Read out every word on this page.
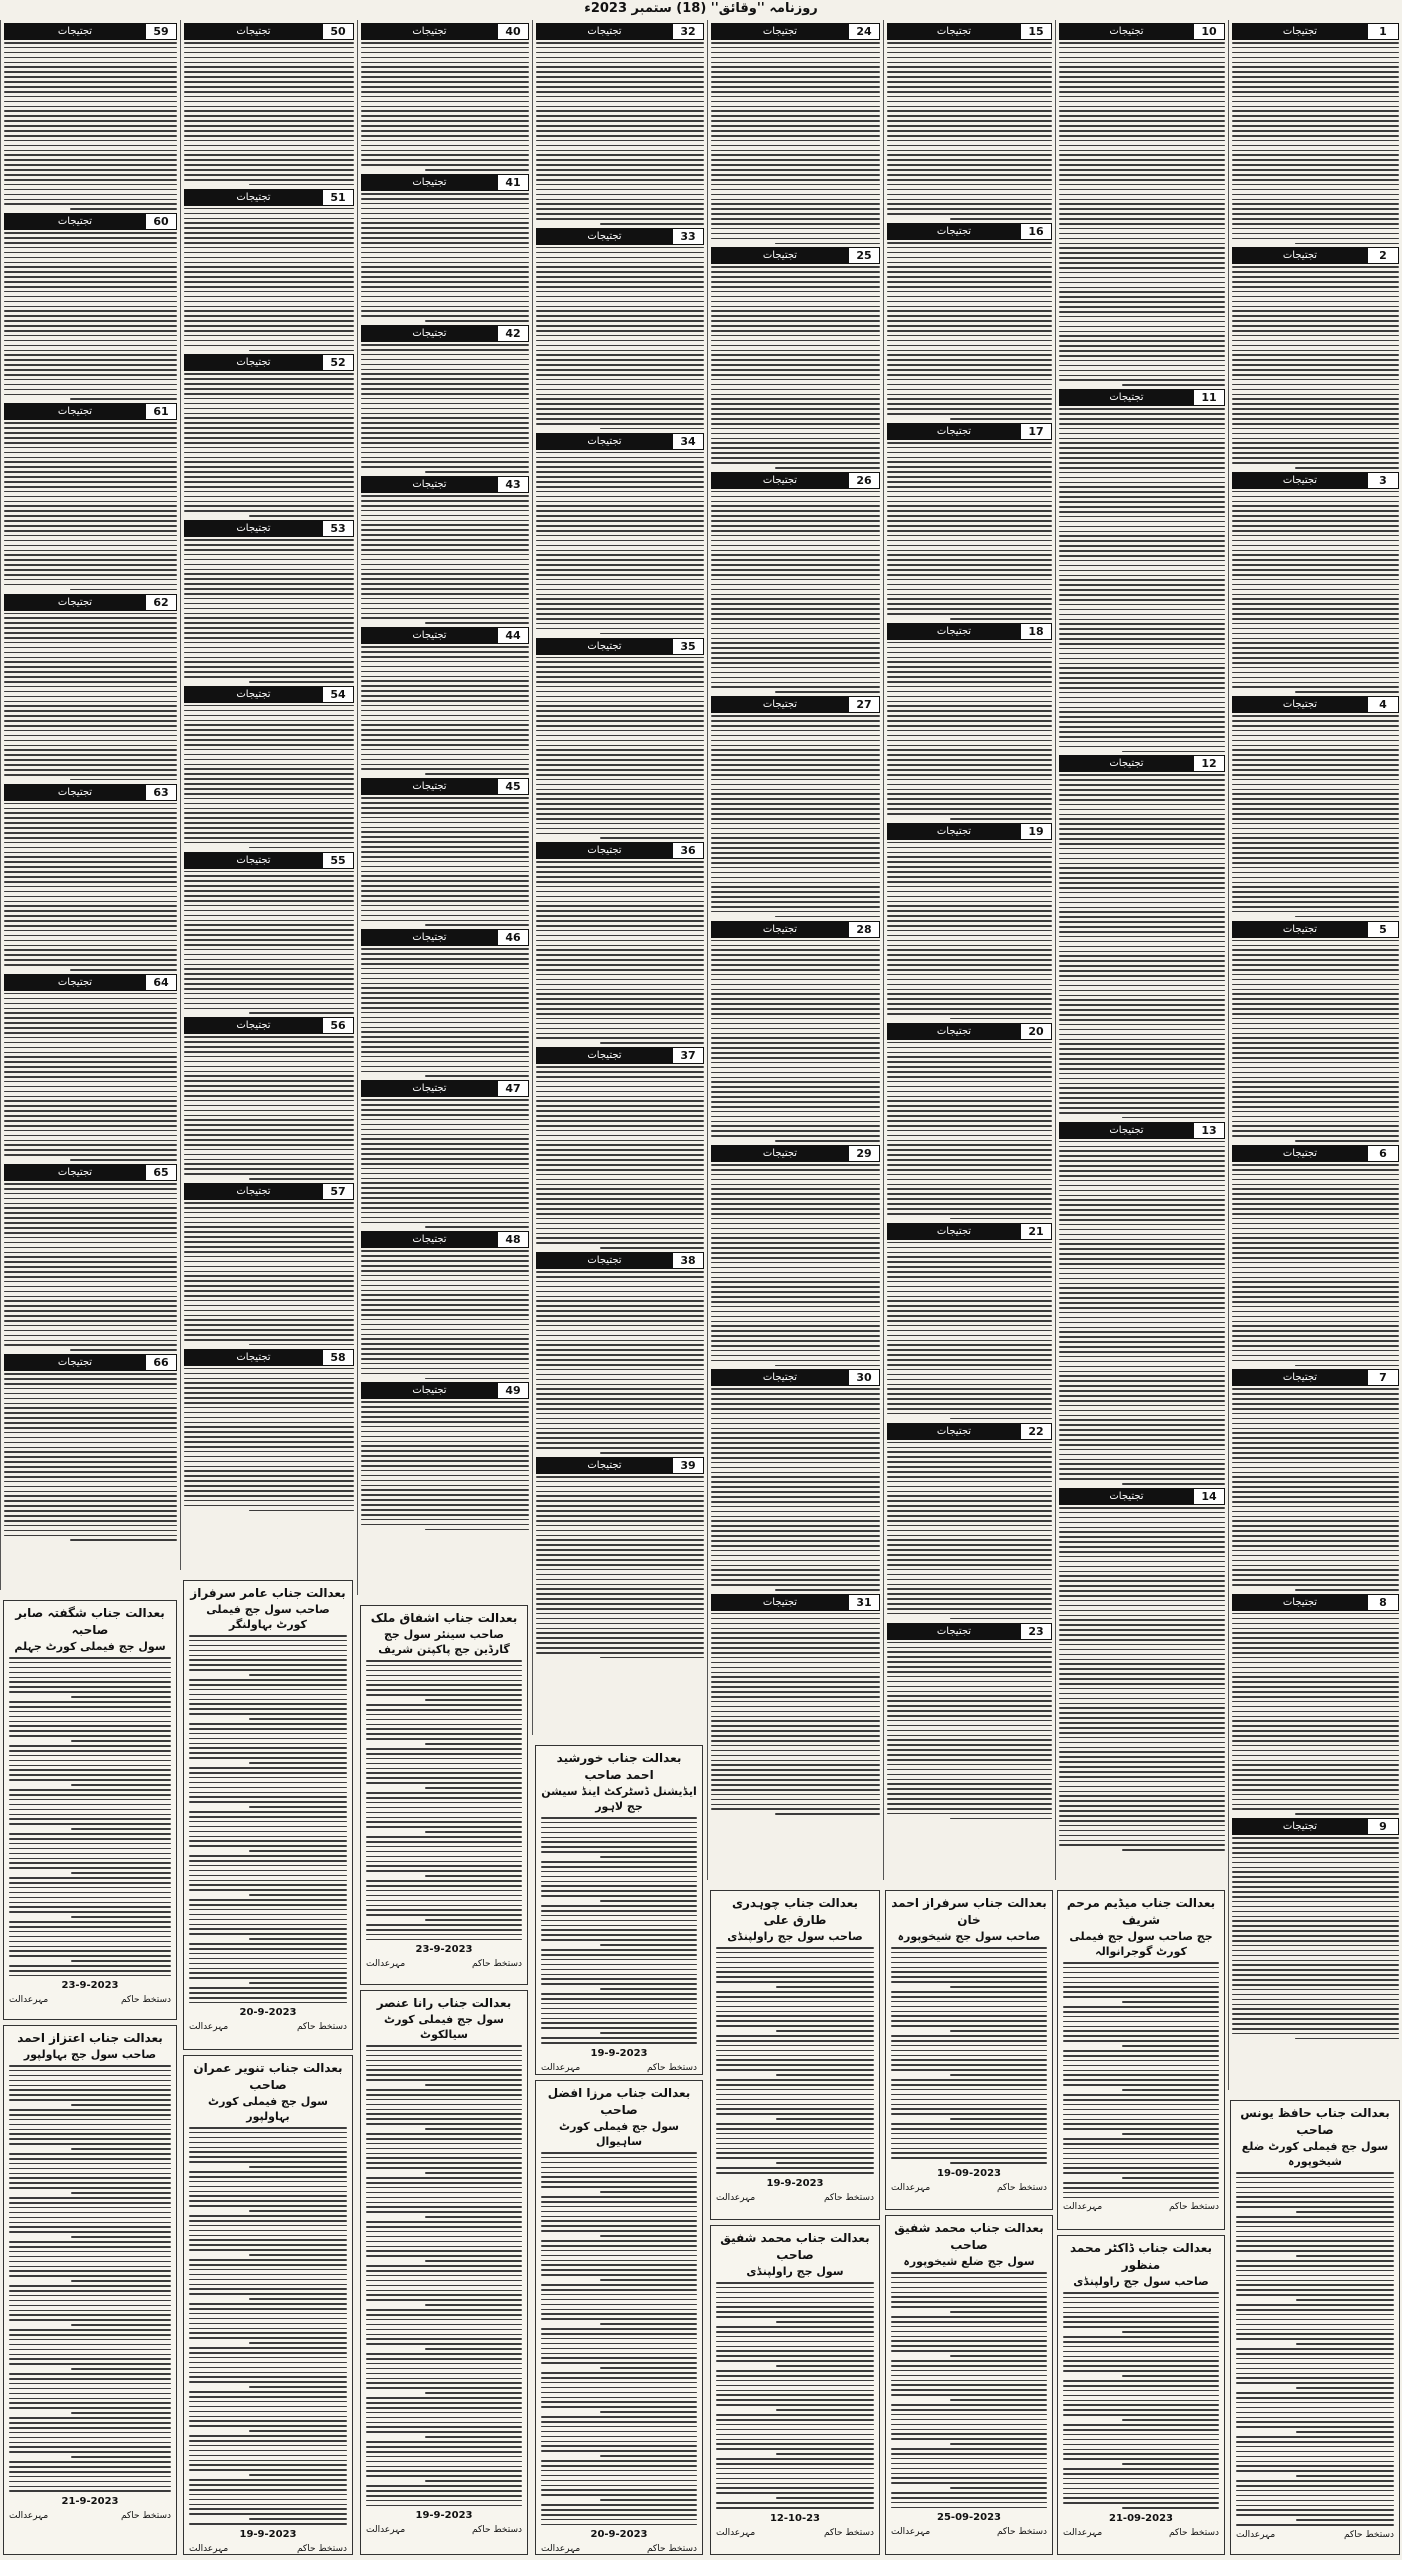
روزنامہ ''وقائق'' (18) ستمبر 2023ء
تجتیجات	1
تجتیجات	2
تجتیجات	3
تجتیجات	4
تجتیجات	5
تجتیجات	6
تجتیجات	7
تجتیجات	8
تجتیجات	9
تجتیجات	10
تجتیجات	11
تجتیجات	12
تجتیجات	13
تجتیجات	14
تجتیجات	15
تجتیجات	16
تجتیجات	17
تجتیجات	18
تجتیجات	19
تجتیجات	20
تجتیجات	21
تجتیجات	22
تجتیجات	23
تجتیجات	24
تجتیجات	25
تجتیجات	26
تجتیجات	27
تجتیجات	28
تجتیجات	29
تجتیجات	30
تجتیجات	31
تجتیجات	32
تجتیجات	33
تجتیجات	34
تجتیجات	35
تجتیجات	36
تجتیجات	37
تجتیجات	38
تجتیجات	39
تجتیجات	40
تجتیجات	41
تجتیجات	42
تجتیجات	43
تجتیجات	44
تجتیجات	45
تجتیجات	46
تجتیجات	47
تجتیجات	48
تجتیجات	49
تجتیجات	50
تجتیجات	51
تجتیجات	52
تجتیجات	53
تجتیجات	54
تجتیجات	55
تجتیجات	56
تجتیجات	57
تجتیجات	58
تجتیجات	59
تجتیجات	60
تجتیجات	61
تجتیجات	62
تجتیجات	63
تجتیجات	64
تجتیجات	65
تجتیجات	66
بعدالت جناب حافظ یونس صاحب
سول جج فیملی کورٹ ضلع شیخوپورہ
دستخط حاکم
مہرعدالت
بعدالت جناب میڈیم مرحم شریف
جج صاحب سول جج فیملی کورٹ گوجرانوالہ
دستخط حاکم
مہرعدالت
بعدالت جناب ڈاکٹر محمد منظور
صاحب سول جج راولپنڈی
21-09-2023
دستخط حاکم
مہرعدالت
بعدالت جناب سرفراز احمد خان
صاحب سول جج شیخوپورہ
19-09-2023
دستخط حاکم
مہرعدالت
بعدالت جناب محمد شفیق صاحب
سول جج ضلع شیخوپورہ
25-09-2023
دستخط حاکم
مہرعدالت
بعدالت جناب چوہدری طارق علی
صاحب سول جج راولپنڈی
19-9-2023
دستخط حاکم
مہرعدالت
بعدالت جناب محمد شفیق صاحب
سول جج راولپنڈی
12-10-23
دستخط حاکم
مہرعدالت
بعدالت جناب خورشید احمد صاحب
ایڈیشنل ڈسٹرکٹ اینڈ سیشن جج لاہور
19-9-2023
دستخط حاکم
مہرعدالت
بعدالت جناب مرزا افضل صاحب
سول جج فیملی کورٹ ساہیوال
20-9-2023
دستخط حاکم
مہرعدالت
بعدالت جناب اشفاق ملک
صاحب سینئر سول جج گارڈین جج پاکپتن شریف
23-9-2023
دستخط حاکم
مہرعدالت
بعدالت جناب رانا عنصر
سول جج فیملی کورٹ سیالکوٹ
19-9-2023
دستخط حاکم
مہرعدالت
بعدالت جناب عامر سرفراز
صاحب سول جج فیملی کورٹ بہاولنگر
20-9-2023
دستخط حاکم
مہرعدالت
بعدالت جناب تنویر عمران صاحب
سول جج فیملی کورٹ بہاولپور
19-9-2023
دستخط حاکم
مہرعدالت
بعدالت جناب شگفتہ صابر صاحبہ
سول جج فیملی کورٹ جہلم
23-9-2023
دستخط حاکم
مہرعدالت
بعدالت جناب اعتزاز احمد
صاحب سول جج بہاولپور
21-9-2023
دستخط حاکم
مہرعدالت
